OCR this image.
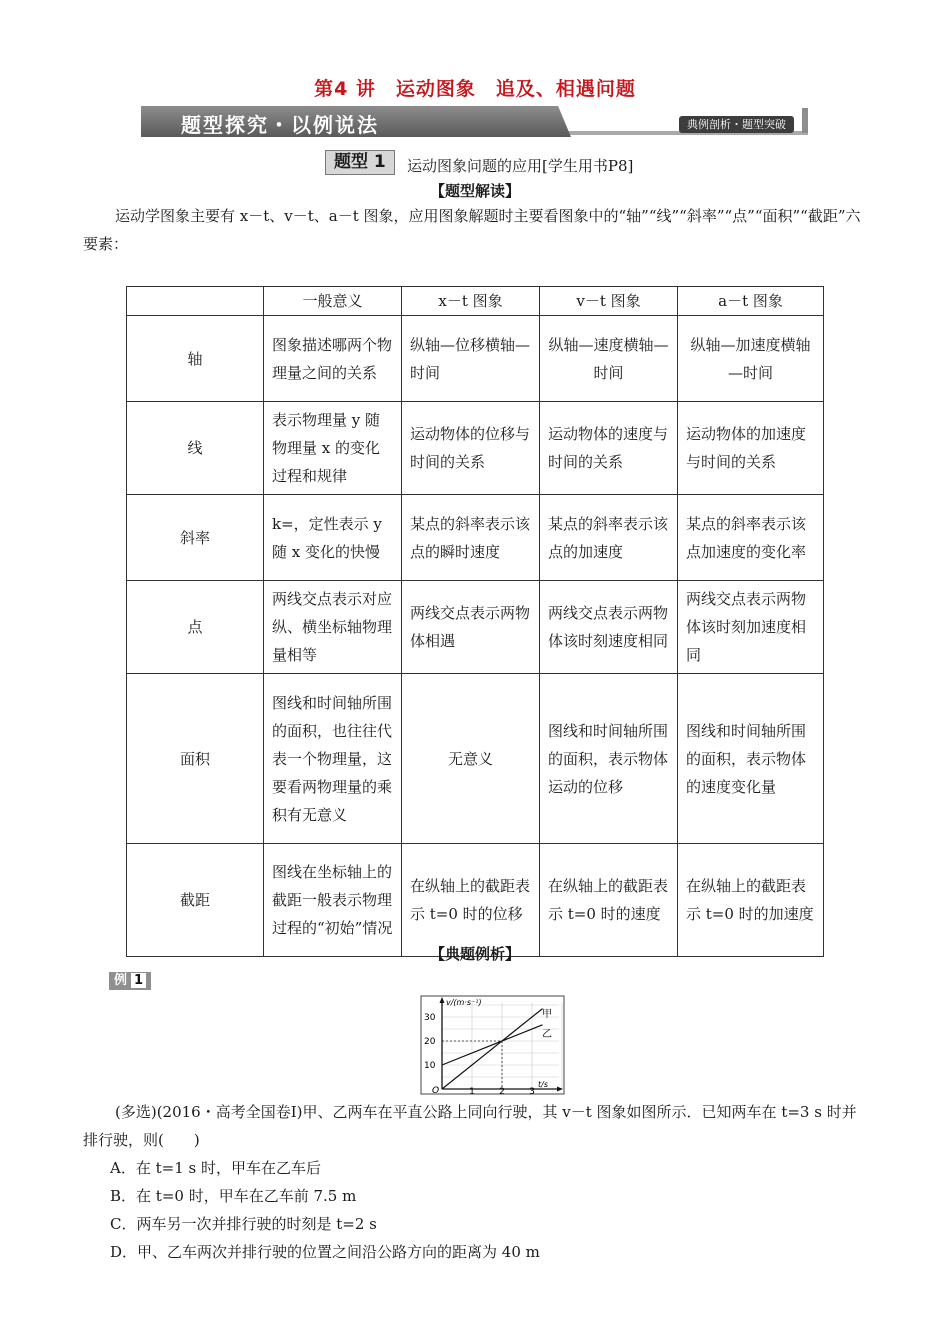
第4 讲　运动图象　追及、相遇问题
题型探究・以例说法	典例剖析・题型突破
题型 1	运动图象问题的应用[学生用书P8]
【题型解读】
运动学图象主要有 x－t、v－t、a－t 图象，应用图象解题时主要看图象中的“轴”“线”“斜率”“点”“面积”“截距”六要素：
	一般意义	x－t 图象	v－t 图象	a－t 图象
轴	图象描述哪两个物理量之间的关系	纵轴—位移横轴—时间	纵轴—速度横轴—时间	纵轴—加速度横轴—时间
线	表示物理量 y 随物理量 x 的变化过程和规律	运动物体的位移与时间的关系	运动物体的速度与时间的关系	运动物体的加速度与时间的关系
斜率	k=，定性表示 y 随 x 变化的快慢	某点的斜率表示该点的瞬时速度	某点的斜率表示该点的加速度	某点的斜率表示该点加速度的变化率
点	两线交点表示对应纵、横坐标轴物理量相等	两线交点表示两物体相遇	两线交点表示两物体该时刻速度相同	两线交点表示两物体该时刻加速度相同
面积	图线和时间轴所围的面积，也往往代表一个物理量，这要看两物理量的乘积有无意义	无意义	图线和时间轴所围的面积，表示物体运动的位移	图线和时间轴所围的面积，表示物体的速度变化量
截距	图线在坐标轴上的截距一般表示物理过程的“初始”情况	在纵轴上的截距表示 t=0 时的位移	在纵轴上的截距表示 t=0 时的速度	在纵轴上的截距表示 t=0 时的加速度
【典题例析】
例 1
v/(m·s⁻¹)
t/s
O
10
20
30
1	2	3
甲
乙
(多选)(2016・高考全国卷Ⅰ)甲、乙两车在平直公路上同向行驶，其 v－t 图象如图所示．已知两车在 t=3 s 时并排行驶，则(　　)
A．在 t=1 s 时，甲车在乙车后
B．在 t=0 时，甲车在乙车前 7.5 m
C．两车另一次并排行驶的时刻是 t=2 s
D．甲、乙车两次并排行驶的位置之间沿公路方向的距离为 40 m
